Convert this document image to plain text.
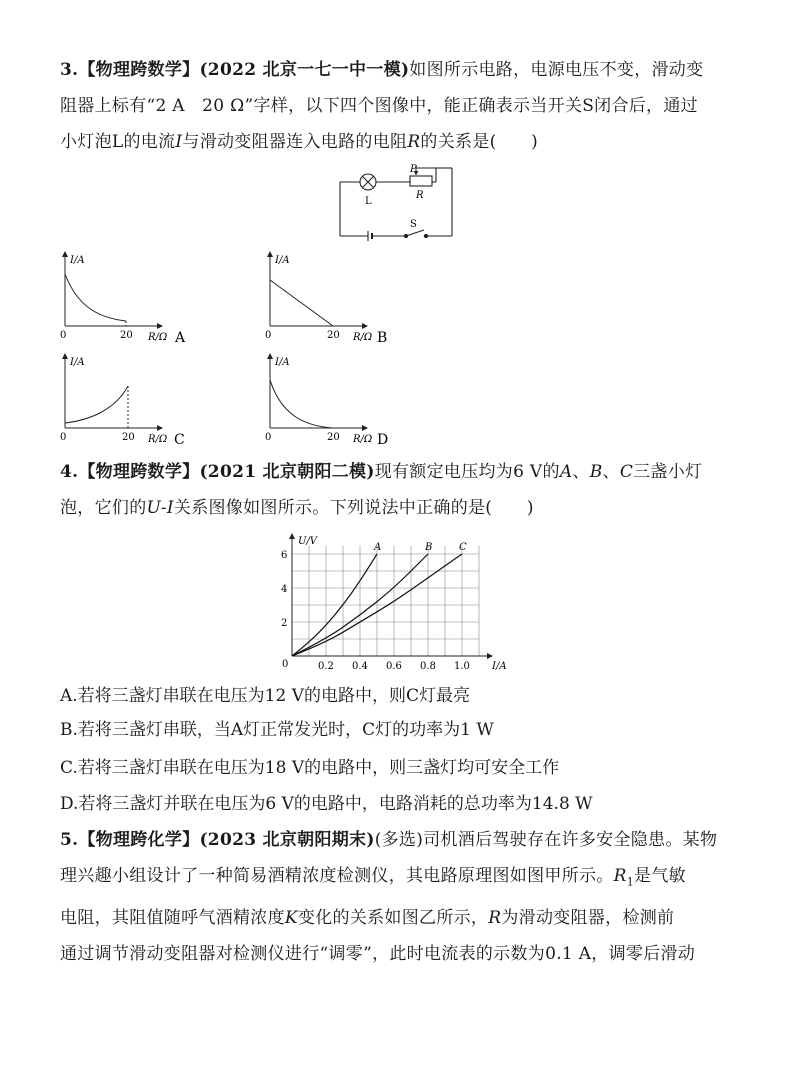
3.【物理跨数学】(2022 北京一七一中一模)如图所示电路，电源电压不变，滑动变
阻器上标有“2 A　20 Ω”字样，以下四个图像中，能正确表示当开关S闭合后，通过
小灯泡L的电流I与滑动变阻器连入电路的电阻R的关系是(　　)
L
P
R
S
I/A
0	20 R/Ω A
I/A
0	20 R/Ω B
I/A
0	20 R/Ω C
I/A
0	20 R/Ω D
4.【物理跨数学】(2021 北京朝阳二模)现有额定电压均为6 V的A、B、C三盏小灯
泡，它们的U-I关系图像如图所示。下列说法中正确的是(　　)
A	B	C
0.2 0.4 0.6 0.8 1.0
2
4
6
U/V
I/A
0
A.若将三盏灯串联在电压为12 V的电路中，则C灯最亮
B.若将三盏灯串联，当A灯正常发光时，C灯的功率为1 W
C.若将三盏灯串联在电压为18 V的电路中，则三盏灯均可安全工作
D.若将三盏灯并联在电压为6 V的电路中，电路消耗的总功率为14.8 W
5.【物理跨化学】(2023 北京朝阳期末)(多选)司机酒后驾驶存在许多安全隐患。某物
理兴趣小组设计了一种简易酒精浓度检测仪，其电路原理图如图甲所示。$R_1$是气敏
电阻，其阻值随呼气酒精浓度K变化的关系如图乙所示，R为滑动变阻器，检测前
通过调节滑动变阻器对检测仪进行“调零”，此时电流表的示数为0.1 A，调零后滑动
